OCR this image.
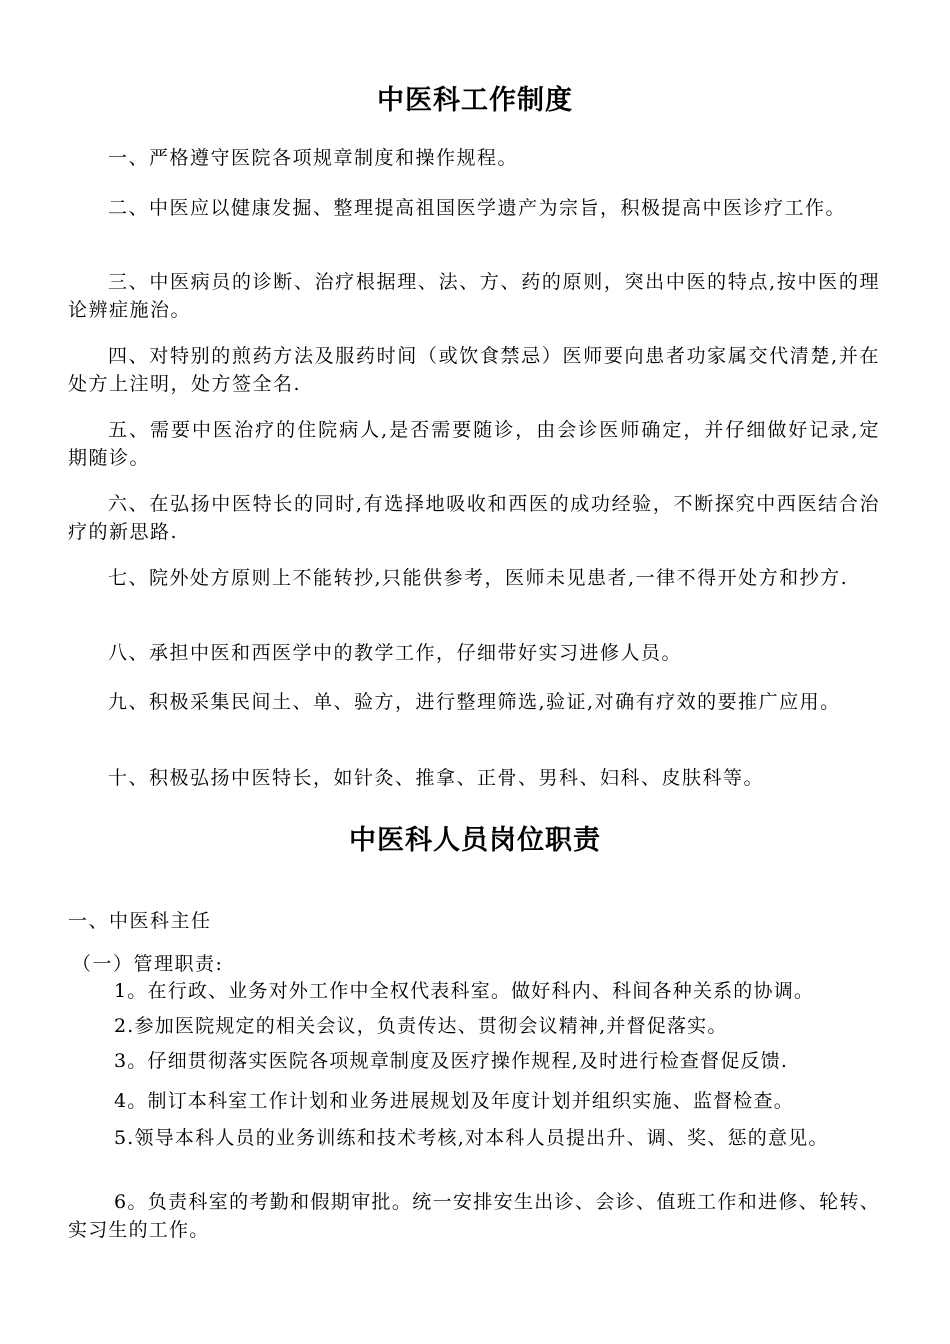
中医科工作制度

一、严格遵守医院各项规章制度和操作规程。

二、中医应以健康发掘、整理提高祖国医学遗产为宗旨，积极提高中医诊疗工作。

三、中医病员的诊断、治疗根据理、法、方、药的原则，突出中医的特点,按中医的理论辨症施治。

四、对特别的煎药方法及服药时间（或饮食禁忌）医师要向患者功家属交代清楚,并在处方上注明，处方签全名.

五、需要中医治疗的住院病人,是否需要随诊，由会诊医师确定，并仔细做好记录,定期随诊。

六、在弘扬中医特长的同时,有选择地吸收和西医的成功经验，不断探究中西医结合治疗的新思路.

七、院外处方原则上不能转抄,只能供参考，医师未见患者,一律不得开处方和抄方.

八、承担中医和西医学中的教学工作，仔细带好实习进修人员。

九、积极采集民间土、单、验方，进行整理筛选,验证,对确有疗效的要推广应用。

十、积极弘扬中医特长，如针灸、推拿、正骨、男科、妇科、皮肤科等。

中医科人员岗位职责

一、中医科主任

（一）管理职责:

1。在行政、业务对外工作中全权代表科室。做好科内、科间各种关系的协调。

2.参加医院规定的相关会议，负责传达、贯彻会议精神,并督促落实。

3。仔细贯彻落实医院各项规章制度及医疗操作规程,及时进行检查督促反馈.

4。制订本科室工作计划和业务进展规划及年度计划并组织实施、监督检查。

5.领导本科人员的业务训练和技术考核,对本科人员提出升、调、奖、惩的意见。

6。负责科室的考勤和假期审批。统一安排安生出诊、会诊、值班工作和进修、轮转、实习生的工作。
